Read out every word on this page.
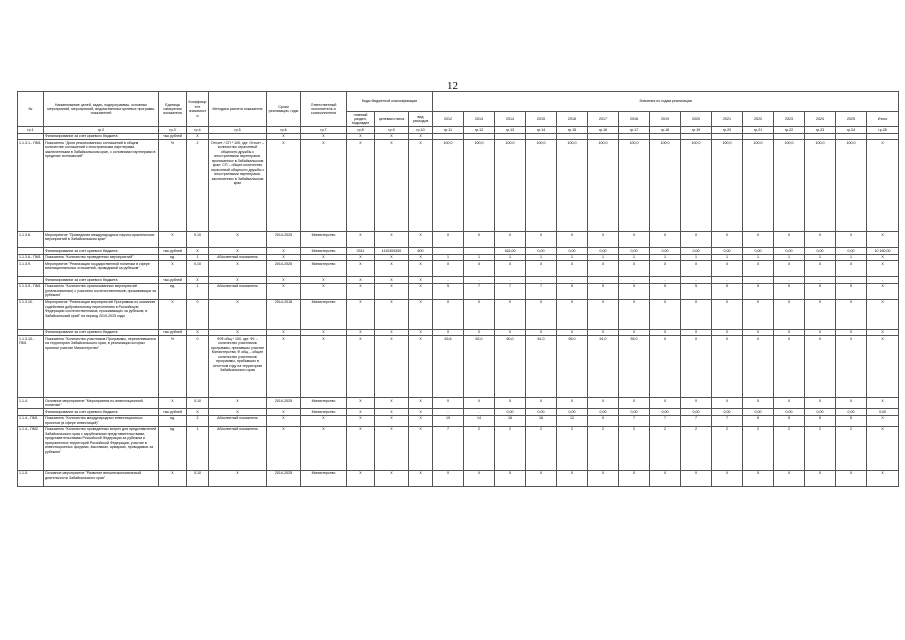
12
№	Наименование целей, задач, подпрограммы, основных мероприятий, мероприятий, ведомственных целевых программ, показателей	Единица измерения показателя	Коэффициент значимости	Методика расчета показателя	Сроки реализации, годы	Ответственный исполнитель и соисполнители	Коды бюджетной классификации			Значения по годам реализации														
							главный раздел, подраздел	целевая статья	вид расходов	2012	2013	2014	2015	2016	2017	2018	2019	2020	2021	2022	2023	2024	2025	Итого
гр.1	гр.2	гр.3	гр.4	гр.5	гр.6	гр.7	гр.8	гр.9	гр.10	гр.11	гр.12	гр.13	гр.14	гр.15	гр.16	гр.17	гр.18	гр.19	гр.20	гр.21	гр.22	гр.23	гр.24	гр.25
	Финансирование за счет краевого бюджета	тыс.рублей	Х		Х	Х	Х	Х	Х															
1.1.3.1.- ПМ1	Показатель "Доля реализованных соглашений в общем количестве соглашений с иностранными партнерами, заключенными в Забайкальском крае, с основными партнерами в пределах полномочий"	%	2	Отсчет / СП * 100, где: Отсчет – количество отраслевой общности дружбы с иностранными партнерами, прописанных в Забайкальском крае; СП – общее количество отраслевой общности дружбы с иностранными партнерами, заключенных в Забайкальском крае	Х	Х	Х	Х	Х	100,0	100,0	100,0	100,0	100,0	100,0	100,0	100,0	100,0	100,0	100,0	100,0	100,0	100,0	Х
1.1.3.6.	Мероприятие "Проведение международных научно-практических мероприятий в Забайкальском крае"	Х	0,10	Х	2014-2025	Министерство	Х	Х	Х	Х	Х	Х	Х	Х	Х	Х	Х	Х	Х	Х	Х	Х	Х	Х
	Финансирование за счет краевого бюджета	тыс.рублей	Х	Х	Х	Министерство	0311	1110309300	600			162,00	0,00	0,00	0,00	0,00	0,00	0,00	0,00	0,00	0,00	0,00	0,00	10 160,00
1.1.3.6.- ПМ1	Показатель "Количество проведенных мероприятий"	ед.	1	Абсолютный показатель	Х	Х	Х	Х	Х	1	1	1	1	1	1	1	1	1	1	1	1	1	1	Х
1.1.3.9.	Мероприятие "Реализация государственной политики в сфере межнациональных отношений, проводимой за рубежом"	Х	0,10	Х	2014-2025	Министерство	Х	Х	Х	Х	Х	Х	Х	Х	Х	Х	Х	Х	Х	Х	Х	Х	Х	Х
	Финансирование за счет краевого бюджета	тыс.рублей	Х	Х	Х	Х	Х	Х	Х	-	-	-	-	-	-	-	-	-	-	-	-	-	-	-
1.1.3.9.- ПМ1	Показатель "Количество организованных мероприятий (реализованных) с участием соотечественников, проживающих за рубежом"	ед.	1	Абсолютный показатель	Х	Х	Х	Х	Х	5	7	7	7	5	5	5	5	5	5	5	5	5	5	Х
1.1.3.10.	Мероприятие "Реализация мероприятий Программы по оказанию содействия добровольному переселению в Российскую Федерацию соотечественников, проживающих за рубежом, в Забайкальский край" на период 2019-2025 годы	Х	0	Х	2014-2018	Министерство	Х	Х	Х	Х	Х	Х	Х	Х	Х	Х	Х	Х	Х	Х	Х	Х	Х	Х
	Финансирование за счет краевого бюджета	тыс.рублей	Х	Х	Х	Х	Х	Х	Х	Х	Х	Х	Х	Х	Х	Х	Х	Х	Х	Х	Х	Х	Х	Х
1.1.3.10.- ПМ1	Показатель "Количество участников Программы, переселившихся на территорию Забайкальского края, в реализации которых приняли участие Министерство"	%	0	Ф/Ф общ * 100, где: Ф1 – количество участников программы, принявших участие Министерства; Ф общ – общее количество участников программы, прибывших в отчетном году на территорию Забайкальского края	Х	Х	Х	Х	Х	63,6	62,0	60,0	61,0	55,0	51,0	55,0	Х	Х	Х	Х	Х	Х	Х	Х
1.1.4.	Основное мероприятие "Мероприятия по инвестиционной политике"	Х	0,10	Х	2014-2025	Министерство	Х	Х	Х	Х	Х	Х	Х	Х	Х	Х	Х	Х	Х	Х	Х	Х	Х	Х
	Финансирование за счет краевого бюджета	тыс.рублей	Х	Х	Х	Министерство	Х	Х	Х	-	-	0,00	0,00	0,00	0,00	0,00	0,00	0,00	0,00	0,00	0,00	0,00	0,00	0,00
1.1.4.- ПМ1	Показатель "Количество международных инвестиционных проектов (в сфере инвестиций)"	ед.	2	Абсолютный показатель	Х	Х	Х	Х	Х	19	14	16	16	12	9	7	7	7	7	5	5	5	5	Х
1.1.4.- ПМ2	Показатель "Количество проведенных встреч для представителей Забайкальского края с зарубежными представительствами, представительствами Российской Федерации за рубежом и приграничных территорий Российской Федерации, участие в инвестиционных форумах, выставках, ярмарках, проводимых за рубежом"	ед.	1	Абсолютный показатель	Х	Х	Х	Х	Х	7	2	2	2	2	2	2	2	2	2	2	2	2	2	Х
1.1.5.	Основное мероприятие "Развитие внешнеэкономической деятельности Забайкальского края"	Х	0,10	Х	2014-2025	Министерство	Х	Х	Х	Х	Х	Х	Х	Х	Х	Х	Х	Х	Х	Х	Х	Х	Х	Х
